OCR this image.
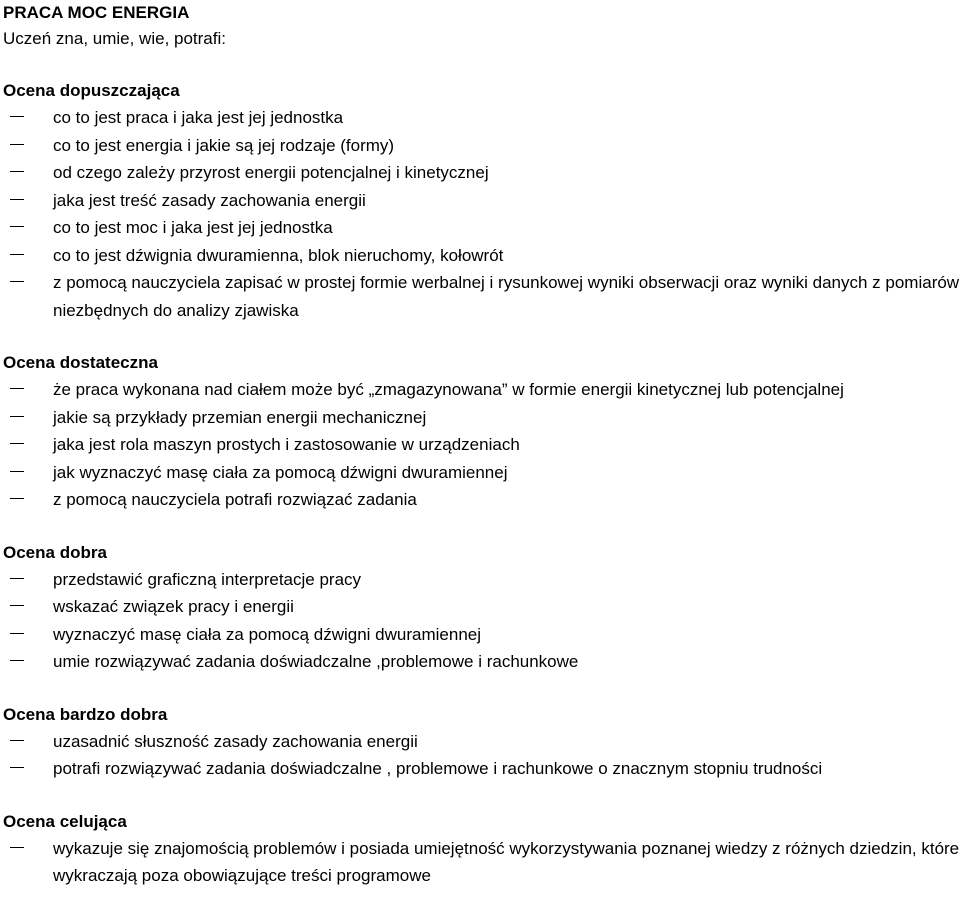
PRACA MOC ENERGIA
Uczeń zna, umie, wie, potrafi:
Ocena dopuszczająca
co to jest praca i jaka jest jej jednostka
co to jest energia i jakie są jej rodzaje (formy)
od czego zależy przyrost energii potencjalnej i kinetycznej
jaka jest treść zasady zachowania energii
co to jest moc i jaka jest jej jednostka
co to jest dźwignia dwuramienna, blok nieruchomy, kołowrót
z pomocą nauczyciela zapisać w prostej formie werbalnej i rysunkowej wyniki obserwacji oraz wyniki danych z pomiarów niezbędnych do analizy zjawiska
Ocena dostateczna
że praca wykonana nad ciałem może być „zmagazynowana” w formie energii kinetycznej lub potencjalnej
jakie są przykłady przemian energii mechanicznej
jaka jest rola maszyn prostych i zastosowanie w urządzeniach
jak wyznaczyć masę ciała za pomocą dźwigni dwuramiennej
z pomocą nauczyciela potrafi rozwiązać zadania
Ocena dobra
przedstawić graficzną interpretacje pracy
wskazać związek pracy i energii
wyznaczyć masę ciała za pomocą dźwigni dwuramiennej
umie rozwiązywać zadania doświadczalne ,problemowe i rachunkowe
Ocena bardzo dobra
uzasadnić słuszność zasady zachowania energii
potrafi rozwiązywać zadania doświadczalne , problemowe i rachunkowe o znacznym stopniu trudności
Ocena celująca
wykazuje się znajomością problemów i posiada umiejętność wykorzystywania poznanej wiedzy z różnych dziedzin, które wykraczają poza obowiązujące treści programowe
